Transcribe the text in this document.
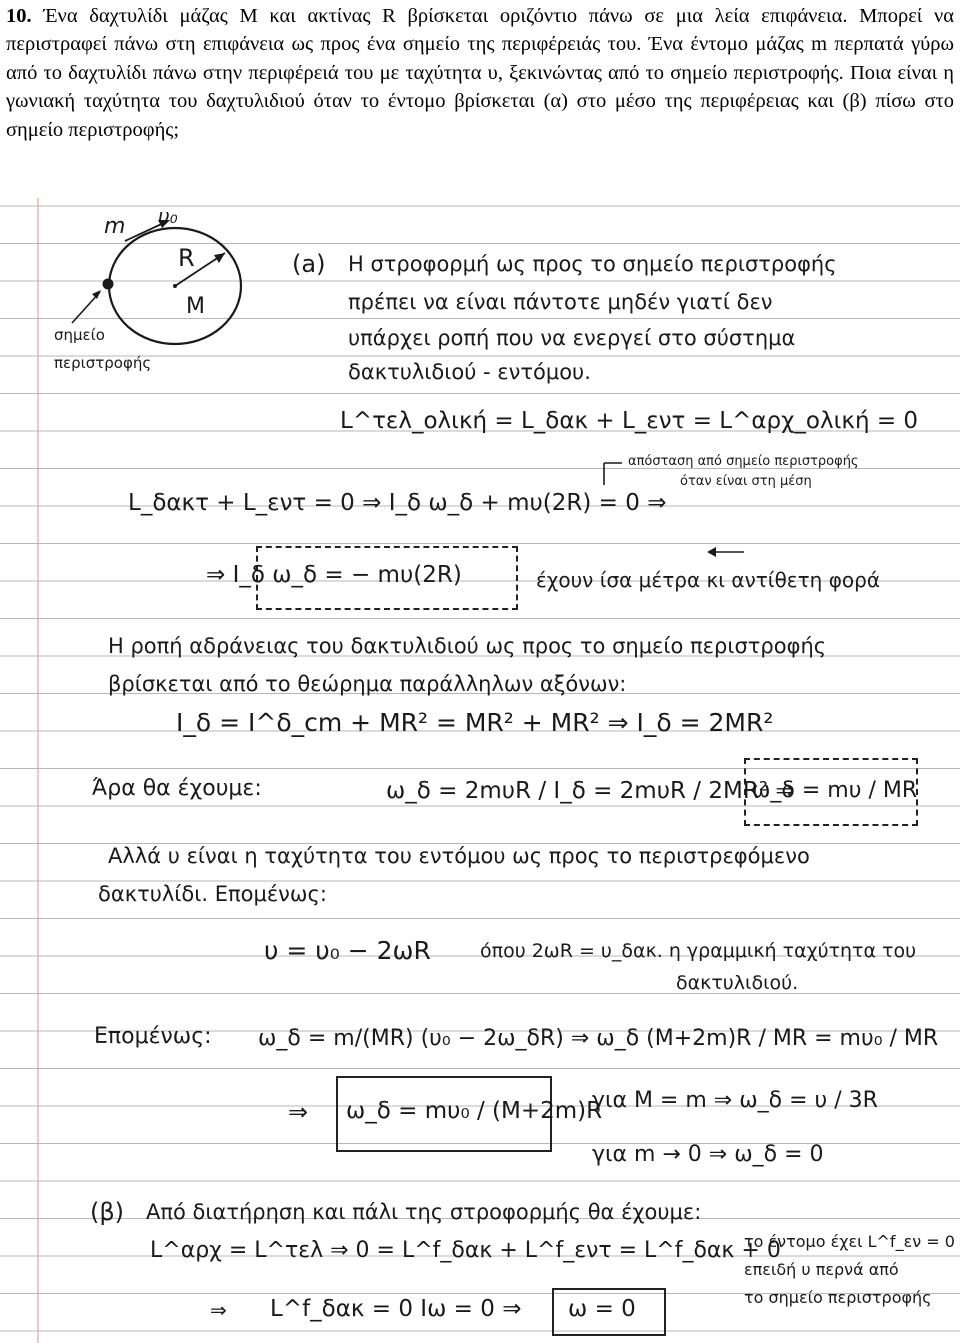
10. Ένα δαχτυλίδι μάζας M και ακτίνας R βρίσκεται οριζόντιο πάνω σε μια λεία επιφάνεια. Μπορεί να περιστραφεί πάνω στη επιφάνεια ως προς ένα σημείο της περιφέρειάς του. Ένα έντομο μάζας m περπατά γύρω από το δαχτυλίδι πάνω στην περιφέρειά του με ταχύτητα υ, ξεκινώντας από το σημείο περιστροφής. Ποια είναι η γωνιακή ταχύτητα του δαχτυλιδιού όταν το έντομο βρίσκεται (α) στο μέσο της περιφέρειας και (β) πίσω στο σημείο περιστροφής;
m υ₀
R
M
σημείο
περιστροφής
(a) Η στροφορμή ως προς το σημείο περιστροφής
πρέπει να είναι πάντοτε μηδέν γιατί δεν
υπάρχει ροπή που να ενεργεί στο σύστημα
δακτυλιδιού - εντόμου.
L^τελ_ολική = L_δακ + L_εντ = L^αρχ_ολική = 0
απόσταση από σημείο περιστροφής
όταν είναι στη μέση
L_δακτ + L_εντ = 0 ⇒ I_δ ω_δ + mυ(2R) = 0 ⇒
⇒ I_δ ω_δ = − mυ(2R)	έχουν ίσα μέτρα κι αντίθετη φορά
Η ροπή αδράνειας του δακτυλιδιού ως προς το σημείο περιστροφής
βρίσκεται από το θεώρημα παράλληλων αξόνων:
I_δ = I^δ_cm + MR² = MR² + MR² ⇒ I_δ = 2MR²
Άρα θα έχουμε:	ω_δ = 2mυR / I_δ = 2mυR / 2MR² ⇒
ω_δ = mυ / MR
Αλλά υ είναι η ταχύτητα του εντόμου ως προς το περιστρεφόμενο
δακτυλίδι. Επομένως:
υ = υ₀ − 2ωR	όπου 2ωR = υ_δακ. η γραμμική ταχύτητα του
δακτυλιδιού.
Επομένως: ω_δ = m/(MR) (υ₀ − 2ω_δR) ⇒ ω_δ (M+2m)R / MR = mυ₀ / MR
⇒ ω_δ = mυ₀ / (M+2m)R
για M = m ⇒ ω_δ = υ / 3R
για m → 0 ⇒ ω_δ = 0
(β) Από διατήρηση και πάλι της στροφορμής θα έχουμε:
L^αρχ = L^τελ ⇒ 0 = L^f_δακ + L^f_εντ = L^f_δακ + 0
το έντομο έχει L^f_εν = 0
επειδή υ περνά από
το σημείο περιστροφής
⇒ L^f_δακ = 0 Iω = 0 ⇒ ω = 0
